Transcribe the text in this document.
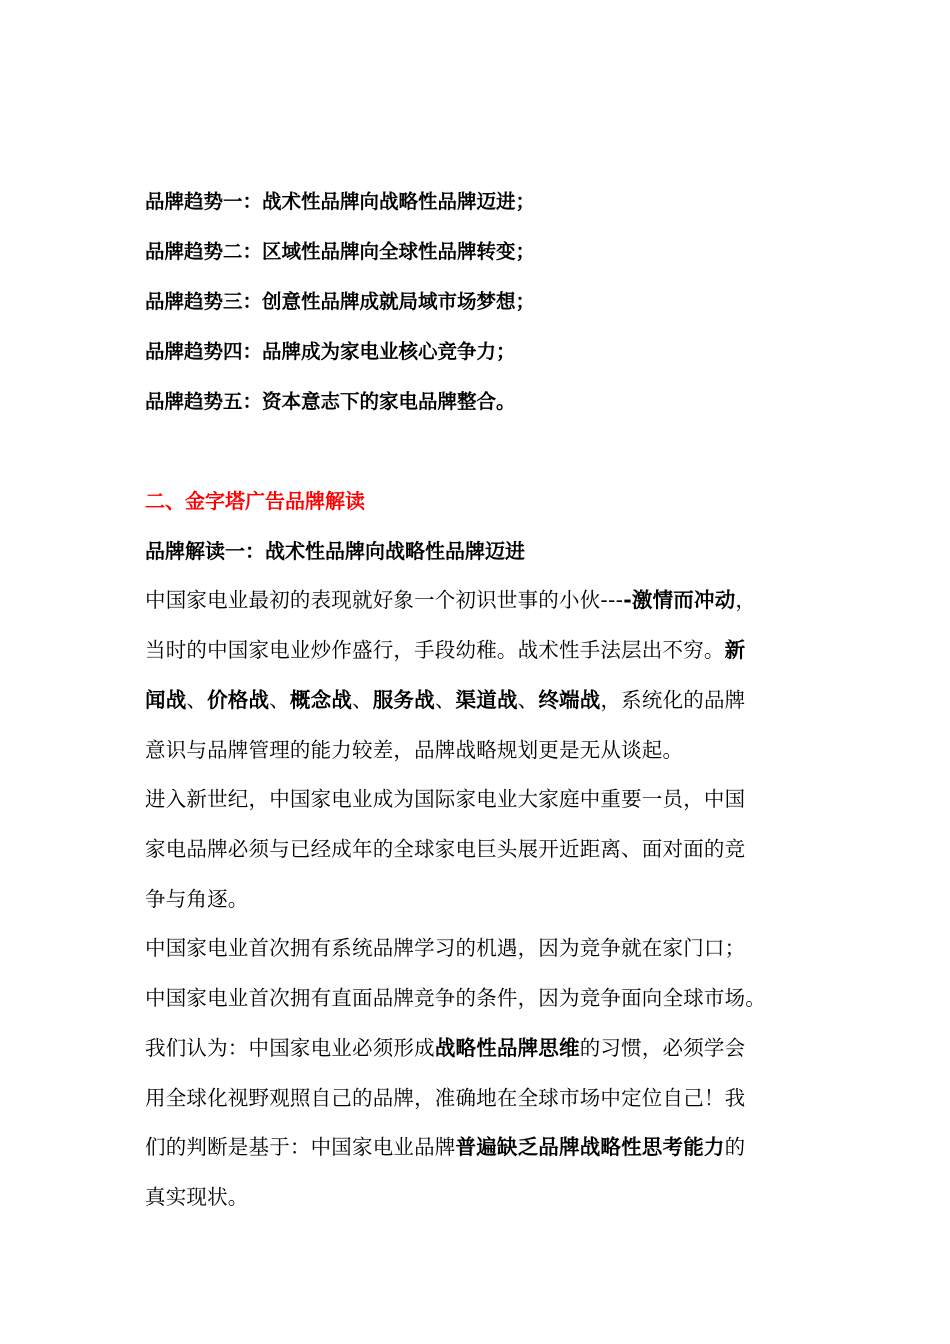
品牌趋势一：战术性品牌向战略性品牌迈进；
品牌趋势二：区域性品牌向全球性品牌转变；
品牌趋势三：创意性品牌成就局域市场梦想；
品牌趋势四：品牌成为家电业核心竞争力；
品牌趋势五：资本意志下的家电品牌整合。
二、金字塔广告品牌解读
品牌解读一：战术性品牌向战略性品牌迈进
中国家电业最初的表现就好象一个初识世事的小伙----激情而冲动，
当时的中国家电业炒作盛行，手段幼稚。战术性手法层出不穷。新
闻战、价格战、概念战、服务战、渠道战、终端战，系统化的品牌
意识与品牌管理的能力较差，品牌战略规划更是无从谈起。
进入新世纪，中国家电业成为国际家电业大家庭中重要一员，中国
家电品牌必须与已经成年的全球家电巨头展开近距离、面对面的竞
争与角逐。
中国家电业首次拥有系统品牌学习的机遇，因为竞争就在家门口；
中国家电业首次拥有直面品牌竞争的条件，因为竞争面向全球市场。
我们认为：中国家电业必须形成战略性品牌思维的习惯，必须学会
用全球化视野观照自己的品牌，准确地在全球市场中定位自己！我
们的判断是基于：中国家电业品牌普遍缺乏品牌战略性思考能力的
真实现状。
